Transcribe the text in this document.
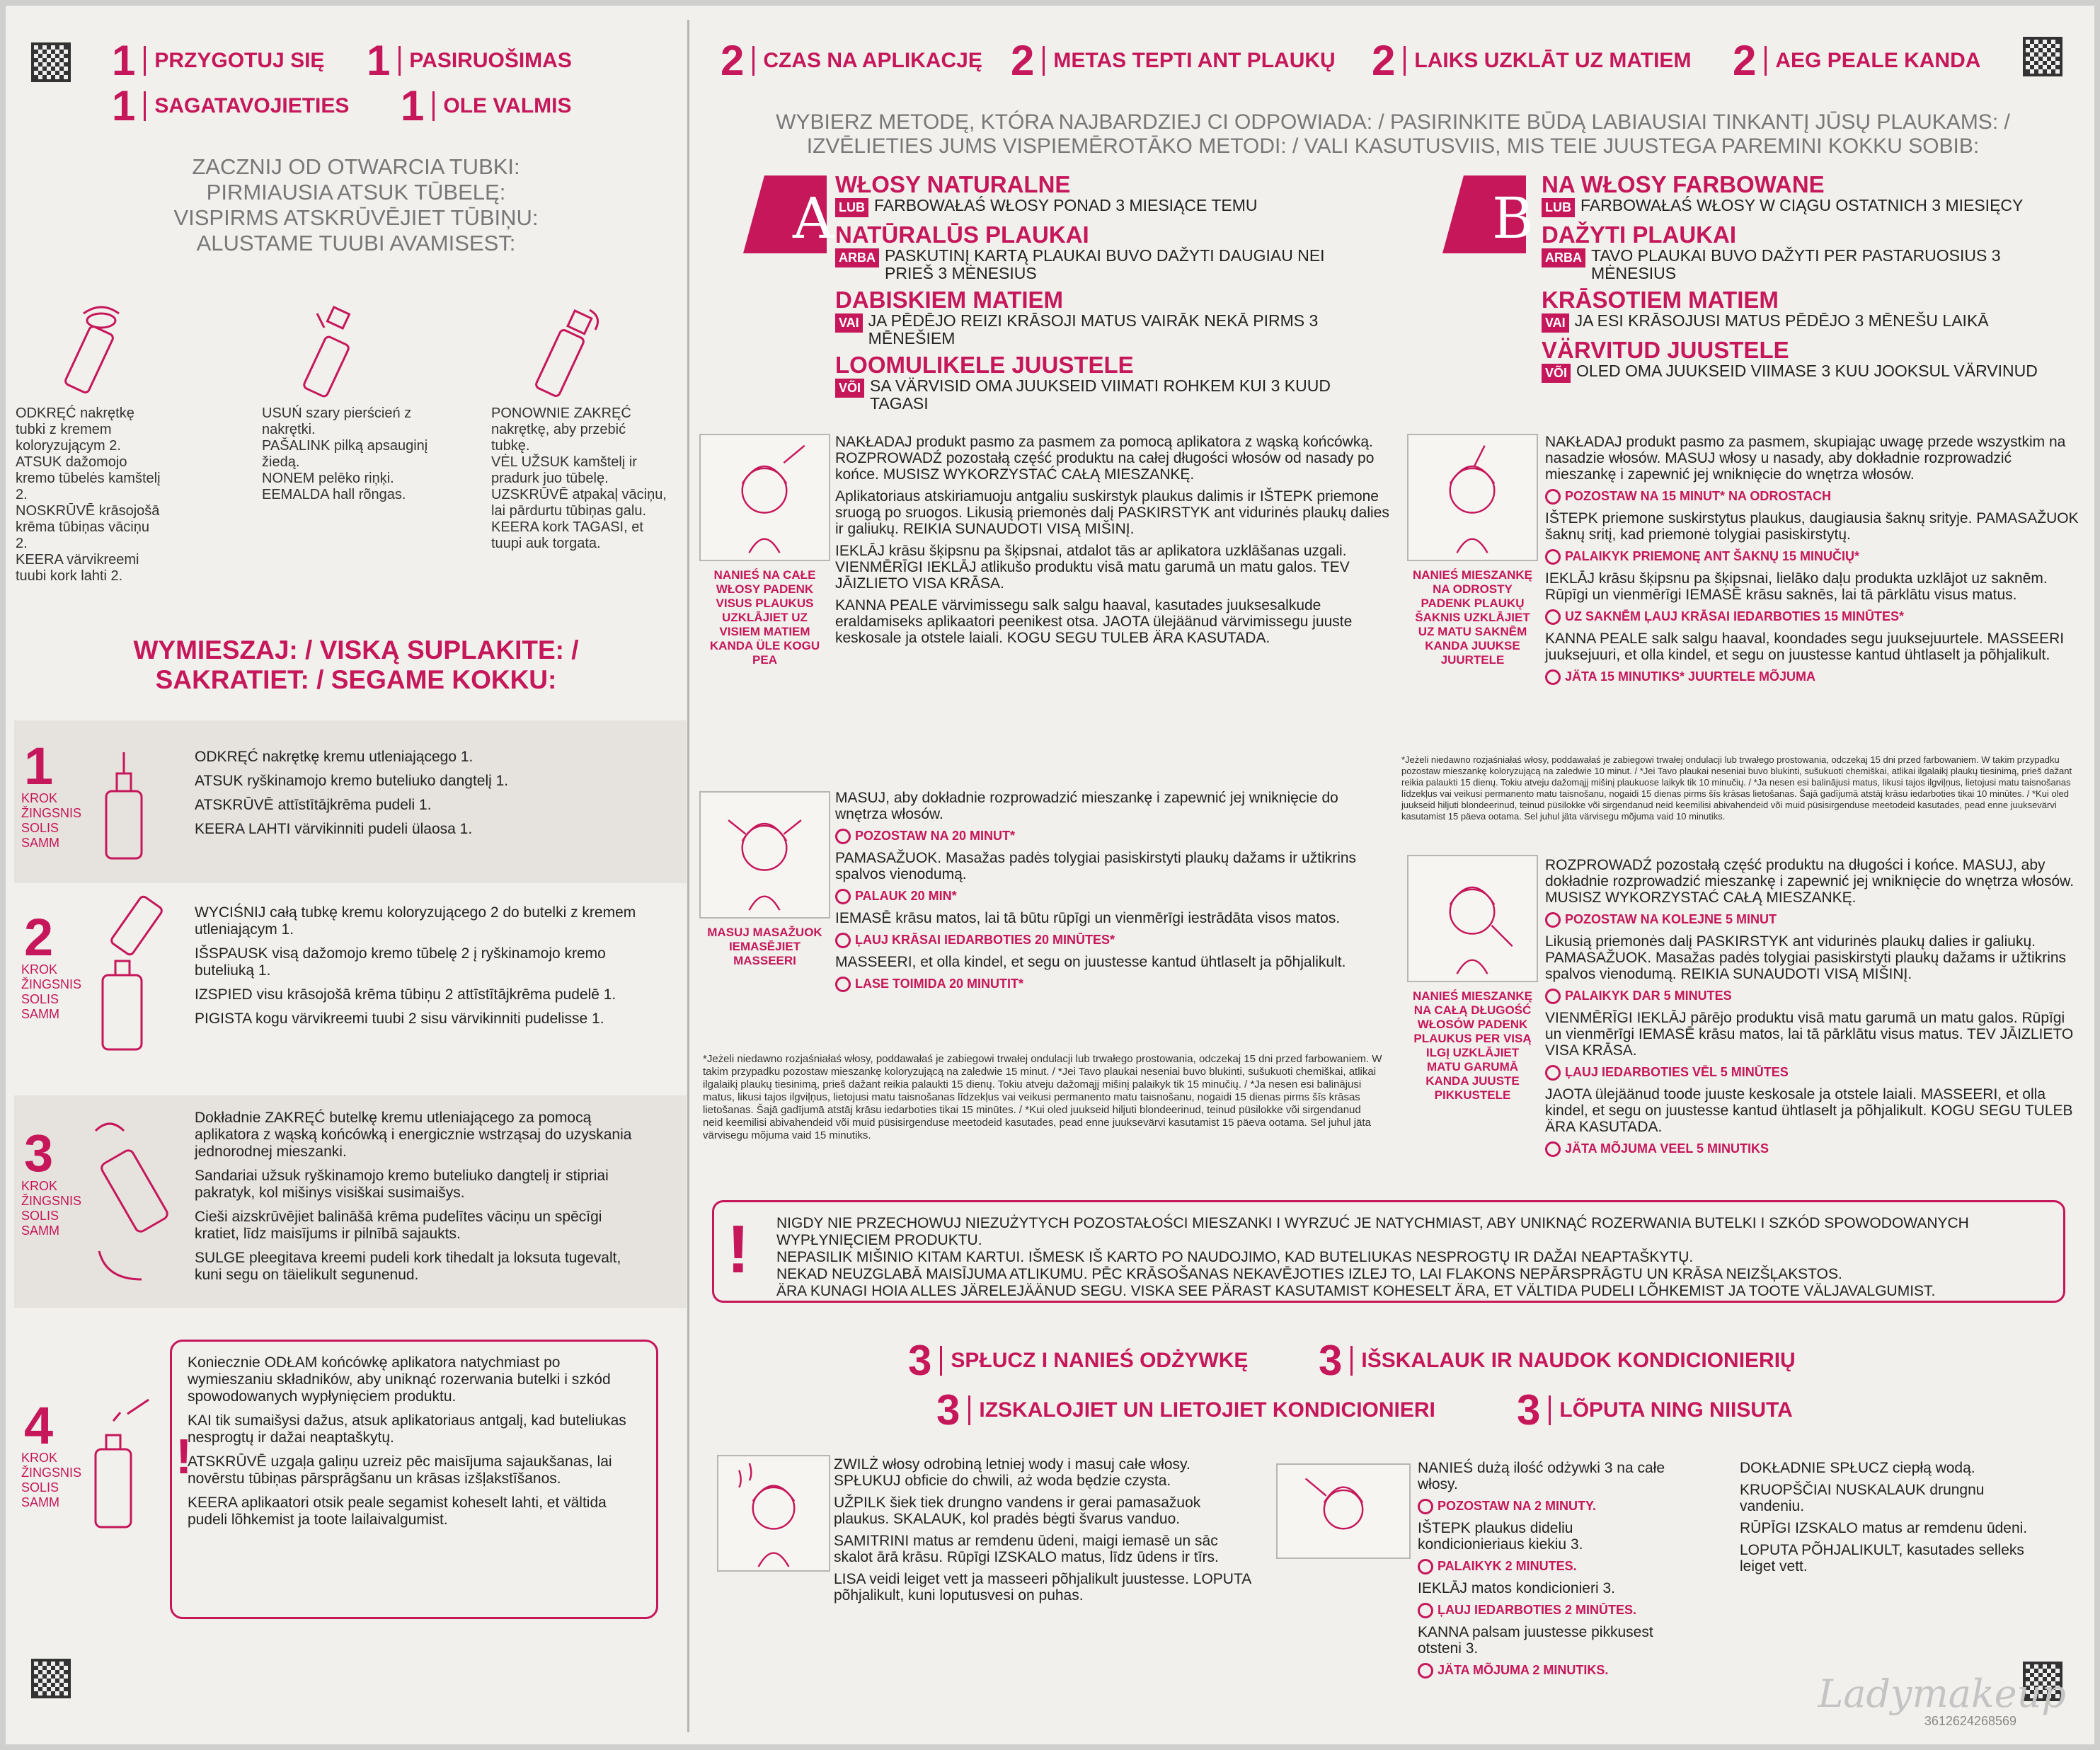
1 PRZYGOTUJ SIĘ 1 PASIRUOŠIMAS
1 SAGATAVOJIETIES 1 OLE VALMIS
ZACZNIJ OD OTWARCIA TUBKI:
PIRMIAUSIA ATSUK TŪBELĘ:
VISPIRMS ATSKRŪVĒJIET TŪBIŅU:
ALUSTAME TUUBI AVAMISEST:

ODKRĘĆ nakrętkę tubki z kremem koloryzującym 2.

ATSUK dažomojo kremo tūbelės kamštelį 2.

NOSKRŪVĒ krāsojošā krēma tūbiņas vāciņu 2.

KEERA värvikreemi tuubi kork lahti 2.

USUŃ szary pierścień z nakrętki.

PAŠALINK pilką apsauginį žiedą.

NONEM pelēko riņķi.

EEMALDA hall rõngas.

PONOWNIE ZAKRĘĆ nakrętkę, aby przebić tubkę.

VĖL UŽSUK kamštelį ir pradurk juo tūbelę.

UZSKRŪVĒ atpakaļ vāciņu, lai pārdurtu tūbiņas galu.

KEERA kork TAGASI, et tuupi auk torgata.

WYMIESZAJ: / VISKĄ SUPLAKITE: /
SAKRATIET: / SEGAME KOKKU:
1
KROK
ŽINGSNIS
SOLIS
SAMM

ODKRĘĆ nakrętkę kremu utleniającego 1.

ATSUK ryškinamojo kremo buteliuko dangtelį 1.

ATSKRŪVĒ attīstītājkrēma pudeli 1.

KEERA LAHTI värvikinniti pudeli ülaosa 1.

2
KROK
ŽINGSNIS
SOLIS
SAMM

WYCIŚNIJ całą tubkę kremu koloryzującego 2 do butelki z kremem utleniającym 1.

IŠSPAUSK visą dažomojo kremo tūbelę 2 į ryškinamojo kremo buteliuką 1.

IZSPIED visu krāsojošā krēma tūbiņu 2 attīstītājkrēma pudelē 1.

PIGISTA kogu värvikreemi tuubi 2 sisu värvikinniti pudelisse 1.

3
KROK
ŽINGSNIS
SOLIS
SAMM

Dokładnie ZAKRĘĆ butelkę kremu utleniającego za pomocą aplikatora z wąską końcówką i energicznie wstrząsaj do uzyskania jednorodnej mieszanki.

Sandariai užsuk ryškinamojo kremo buteliuko dangtelį ir stipriai pakratyk, kol mišinys visiškai susimaišys.

Cieši aizskrūvējiet balināšā krēma pudelītes vāciņu un spēcīgi kratiet, līdz maisījums ir pilnībā sajaukts.

SULGE pleegitava kreemi pudeli kork tihedalt ja loksuta tugevalt, kuni segu on täielikult segunenud.

4
KROK
ŽINGSNIS
SOLIS
SAMM
!

Koniecznie ODŁAM końcówkę aplikatora natychmiast po wymieszaniu składników, aby uniknąć rozerwania butelki i szkód spowodowanych wypłynięciem produktu.

KAI tik sumaišysi dažus, atsuk aplikatoriaus antgalį, kad buteliukas nesprogtų ir dažai neaptaškytų.

ATSKRŪVĒ uzgaļa galiņu uzreiz pēc maisījuma sajaukšanas, lai novērstu tūbiņas pārsprāgšanu un krāsas izšļakstīšanos.

KEERA aplikaatori otsik peale segamist koheselt lahti, et vältida pudeli lõhkemist ja toote lailaivalgumist.

2 CZAS NA APLIKACJĘ 2 METAS TEPTI ANT PLAUKŲ 2 LAIKS UZKLĀT UZ MATIEM 2 AEG PEALE KANDA
WYBIERZ METODĘ, KTÓRA NAJBARDZIEJ CI ODPOWIADA: / PASIRINKITE BŪDĄ LABIAUSIAI TINKANTĮ JŪSŲ PLAUKAMS: /
IZVĒLIETIES JUMS VISPIEMĒROTĀKO METODI: / VALI KASUTUSVIIS, MIS TEIE JUUSTEGA PAREMINI KOKKU SOBIB:
A
WŁOSY NATURALNE
LUB FARBOWAŁAŚ WŁOSY PONAD 3 MIESIĄCE TEMU
NATŪRALŪS PLAUKAI
ARBA PASKUTINĮ KARTĄ PLAUKAI BUVO DAŽYTI DAUGIAU NEI PRIEŠ 3 MĖNESIUS
DABISKIEM MATIEM
VAI JA PĒDĒJO REIZI KRĀSOJI MATUS VAIRĀK NEKĀ PIRMS 3 MĒNEŠIEM
LOOMULIKELE JUUSTELE
VÕI SA VÄRVISID OMA JUUKSEID VIIMATI ROHKEM KUI 3 KUUD TAGASI
B
NA WŁOSY FARBOWANE
LUB FARBOWAŁAŚ WŁOSY W CIĄGU OSTATNICH 3 MIESIĘCY
DAŽYTI PLAUKAI
ARBA TAVO PLAUKAI BUVO DAŽYTI PER PASTARUOSIUS 3 MĖNESIUS
KRĀSOTIEM MATIEM
VAI JA ESI KRĀSOJUSI MATUS PĒDĒJO 3 MĒNEŠU LAIKĀ
VÄRVITUD JUUSTELE
VÕI OLED OMA JUUKSEID VIIMASE 3 KUU JOOKSUL VÄRVINUD
NANIEŚ NA CAŁE WŁOSY PADENK VISUS PLAUKUS UZKLĀJIET UZ VISIEM MATIEM KANDA ÜLE KOGU PEA

NAKŁADAJ produkt pasmo za pasmem za pomocą aplikatora z wąską końcówką. ROZPROWADŹ pozostałą część produktu na całej długości włosów od nasady po końce. MUSISZ WYKORZYSTAĆ CAŁĄ MIESZANKĘ.

Aplikatoriaus atskiriamuoju antgaliu suskirstyk plaukus dalimis ir IŠTEPK priemone sruogą po sruogos. Likusią priemonės dalį PASKIRSTYK ant vidurinės plaukų dalies ir galiukų. REIKIA SUNAUDOTI VISĄ MIŠINĮ.

IEKLĀJ krāsu šķipsnu pa šķipsnai, atdalot tās ar aplikatora uzklāšanas uzgali. VIENMĒRĪGI IEKLĀJ atlikušo produktu visā matu garumā un matu galos. TEV JĀIZLIETO VISA KRĀSA.

KANNA PEALE värvimissegu salk salgu haaval, kasutades juuksesalkude eraldamiseks aplikaatori peenikest otsa. JAOTA ülejäänud värvimissegu juuste keskosale ja otstele laiali. KOGU SEGU TULEB ÄRA KASUTADA.

MASUJ MASAŽUOK IEMASĒJIET MASSEERI

MASUJ, aby dokładnie rozprowadzić mieszankę i zapewnić jej wniknięcie do wnętrza włosów.

POZOSTAW NA 20 MINUT*

PAMASAŽUOK. Masažas padės tolygiai pasiskirstyti plaukų dažams ir užtikrins spalvos vienodumą.

PALAUK 20 MIN*

IEMASĒ krāsu matos, lai tā būtu rūpīgi un vienmērīgi iestrādāta visos matos.

ĻAUJ KRĀSAI IEDARBOTIES 20 MINŪTES*

MASSEERI, et olla kindel, et segu on juustesse kantud ühtlaselt ja põhjalikult.

LASE TOIMIDA 20 MINUTIT*
*Jeżeli niedawno rozjaśniałaś włosy, poddawałaś je zabiegowi trwałej ondulacji lub trwałego prostowania, odczekaj 15 dni przed farbowaniem. W takim przypadku pozostaw mieszankę koloryzującą na zaledwie 15 minut. / *Jei Tavo plaukai neseniai buvo blukinti, sušukuoti chemiškai, atlikai ilgalaikį plaukų tiesinimą, prieš dažant reikia palaukti 15 dienų. Tokiu atveju dažomąjį mišinį palaikyk tik 15 minučių. / *Ja nesen esi balinājusi matus, likusi tajos ilgviļņus, lietojusi matu taisnošanas līdzekļus vai veikusi permanento matu taisnošanu, nogaidi 15 dienas pirms šīs krāsas lietošanas. Šajā gadījumā atstāj krāsu iedarboties tikai 15 minūtes. / *Kui oled juukseid hiljuti blondeerinud, teinud püsilokke või sirgendanud neid keemilisi abivahendeid või muid püsisirgenduse meetodeid kasutades, pead enne juuksevärvi kasutamist 15 päeva ootama. Sel juhul jäta värvisegu mõjuma vaid 15 minutiks.
NANIEŚ MIESZANKĘ NA ODROSTY PADENK PLAUKŲ ŠAKNIS UZKLĀJIET UZ MATU SAKNĒM KANDA JUUKSE JUURTELE

NAKŁADAJ produkt pasmo za pasmem, skupiając uwagę przede wszystkim na nasadzie włosów. MASUJ włosy u nasady, aby dokładnie rozprowadzić mieszankę i zapewnić jej wniknięcie do wnętrza włosów.

POZOSTAW NA 15 MINUT* NA ODROSTACH

IŠTEPK priemone suskirstytus plaukus, daugiausia šaknų srityje. PAMASAŽUOK šaknų sritį, kad priemonė tolygiai pasiskirstytų.

PALAIKYK PRIEMONĘ ANT ŠAKNŲ 15 MINUČIŲ*

IEKLĀJ krāsu šķipsnu pa šķipsnai, lielāko daļu produkta uzklājot uz saknēm. Rūpīgi un vienmērīgi IEMASĒ krāsu saknēs, lai tā pārklātu visus matus.

UZ SAKNĒM ĻAUJ KRĀSAI IEDARBOTIES 15 MINŪTES*

KANNA PEALE salk salgu haaval, koondades segu juuksejuurtele. MASSEERI juuksejuuri, et olla kindel, et segu on juustesse kantud ühtlaselt ja põhjalikult.

JÄTA 15 MINUTIKS* JUURTELE MÕJUMA
*Jeżeli niedawno rozjaśniałaś włosy, poddawałaś je zabiegowi trwałej ondulacji lub trwałego prostowania, odczekaj 15 dni przed farbowaniem. W takim przypadku pozostaw mieszankę koloryzującą na zaledwie 10 minut. / *Jei Tavo plaukai neseniai buvo blukinti, sušukuoti chemiškai, atlikai ilgalaikį plaukų tiesinimą, prieš dažant reikia palaukti 15 dienų. Tokiu atveju dažomąjį mišinį plaukuose laikyk tik 10 minučių. / *Ja nesen esi balinājusi matus, likusi tajos ilgviļņus, lietojusi matu taisnošanas līdzekļus vai veikusi permanento matu taisnošanu, nogaidi 15 dienas pirms šīs krāsas lietošanas. Šajā gadījumā atstāj krāsu iedarboties tikai 10 minūtes. / *Kui oled juukseid hiljuti blondeerinud, teinud püsilokke või sirgendanud neid keemilisi abivahendeid või muid püsisirgenduse meetodeid kasutades, pead enne juuksevärvi kasutamist 15 päeva ootama. Sel juhul jäta värvisegu mõjuma vaid 10 minutiks.
NANIEŚ MIESZANKĘ NA CAŁĄ DŁUGOŚĆ WŁOSÓW PADENK PLAUKUS PER VISĄ ILGĮ UZKLĀJIET MATU GARUMĀ KANDA JUUSTE PIKKUSTELE

ROZPROWADŹ pozostałą część produktu na długości i końce. MASUJ, aby dokładnie rozprowadzić mieszankę i zapewnić jej wniknięcie do wnętrza włosów. MUSISZ WYKORZYSTAĆ CAŁĄ MIESZANKĘ.

POZOSTAW NA KOLEJNE 5 MINUT

Likusią priemonės dalį PASKIRSTYK ant vidurinės plaukų dalies ir galiukų. PAMASAŽUOK. Masažas padės tolygiai pasiskirstyti plaukų dažams ir užtikrins spalvos vienodumą. REIKIA SUNAUDOTI VISĄ MIŠINĮ.

PALAIKYK DAR 5 MINUTES

VIENMĒRĪGI IEKLĀJ pārējo produktu visā matu garumā un matu galos. Rūpīgi un vienmērīgi IEMASĒ krāsu matos, lai tā pārklātu visus matus. TEV JĀIZLIETO VISA KRĀSA.

ĻAUJ IEDARBOTIES VĒL 5 MINŪTES

JAOTA ülejäänud toode juuste keskosale ja otstele laiali. MASSEERI, et olla kindel, et segu on juustesse kantud ühtlaselt ja põhjalikult. KOGU SEGU TULEB ÄRA KASUTADA.

JÄTA MÕJUMA VEEL 5 MINUTIKS
! NIGDY NIE PRZECHOWUJ NIEZUŻYTYCH POZOSTAŁOŚCI MIESZANKI I WYRZUĆ JE NATYCHMIAST, ABY UNIKNĄĆ ROZERWANIA BUTELKI I SZKÓD SPOWODOWANYCH WYPŁYNIĘCIEM PRODUKTU.
NEPASILIK MIŠINIO KITAM KARTUI. IŠMESK IŠ KARTO PO NAUDOJIMO, KAD BUTELIUKAS NESPROGTŲ IR DAŽAI NEAPTAŠKYTŲ.
NEKAD NEUZGLABĀ MAISĪJUMA ATLIKUMU. PĒC KRĀSOŠANAS NEKAVĒJOTIES IZLEJ TO, LAI FLAKONS NEPĀRSPRĀGTU UN KRĀSA NEIZŠĻAKSTOS.
ÄRA KUNAGI HOIA ALLES JÄRELEJÄÄNUD SEGU. VISKA SEE PÄRAST KASUTAMIST KOHESELT ÄRA, ET VÄLTIDA PUDELI LÕHKEMIST JA TOOTE VÄLJAVALGUMIST.
3 SPŁUCZ I NANIEŚ ODŻYWKĘ 3 IŠSKALAUK IR NAUDOK KONDICIONIERIŲ
3 IZSKALOJIET UN LIETOJIET KONDICIONIERI 3 LÕPUTA NING NIISUTA

ZWILŻ włosy odrobiną letniej wody i masuj całe włosy. SPŁUKUJ obficie do chwili, aż woda będzie czysta.

UŽPILK šiek tiek drungno vandens ir gerai pamasažuok plaukus. SKALAUK, kol pradės bėgti švarus vanduo.

SAMITRINI matus ar remdenu ūdeni, maigi iemasē un sāc skalot ārā krāsu. Rūpīgi IZSKALO matus, līdz ūdens ir tīrs.

LISA veidi leiget vett ja masseeri põhjalikult juustesse. LOPUTA põhjalikult, kuni loputusvesi on puhas.

NANIEŚ dużą ilość odżywki 3 na całe włosy.

POZOSTAW NA 2 MINUTY.

IŠTEPK plaukus dideliu kondicionieriaus kiekiu 3.

PALAIKYK 2 MINUTES.

IEKLĀJ matos kondicionieri 3.

ĻAUJ IEDARBOTIES 2 MINŪTES.

KANNA palsam juustesse pikkusest otsteni 3.

JÄTA MÕJUMA 2 MINUTIKS.

DOKŁADNIE SPŁUCZ ciepłą wodą.

KRUOPŠČIAI NUSKALAUK drungnu vandeniu.

RŪPĪGI IZSKALO matus ar remdenu ūdeni.

LOPUTA PÕHJALIKULT, kasutades selleks leiget vett.

Ladymakeup
3612624268569
